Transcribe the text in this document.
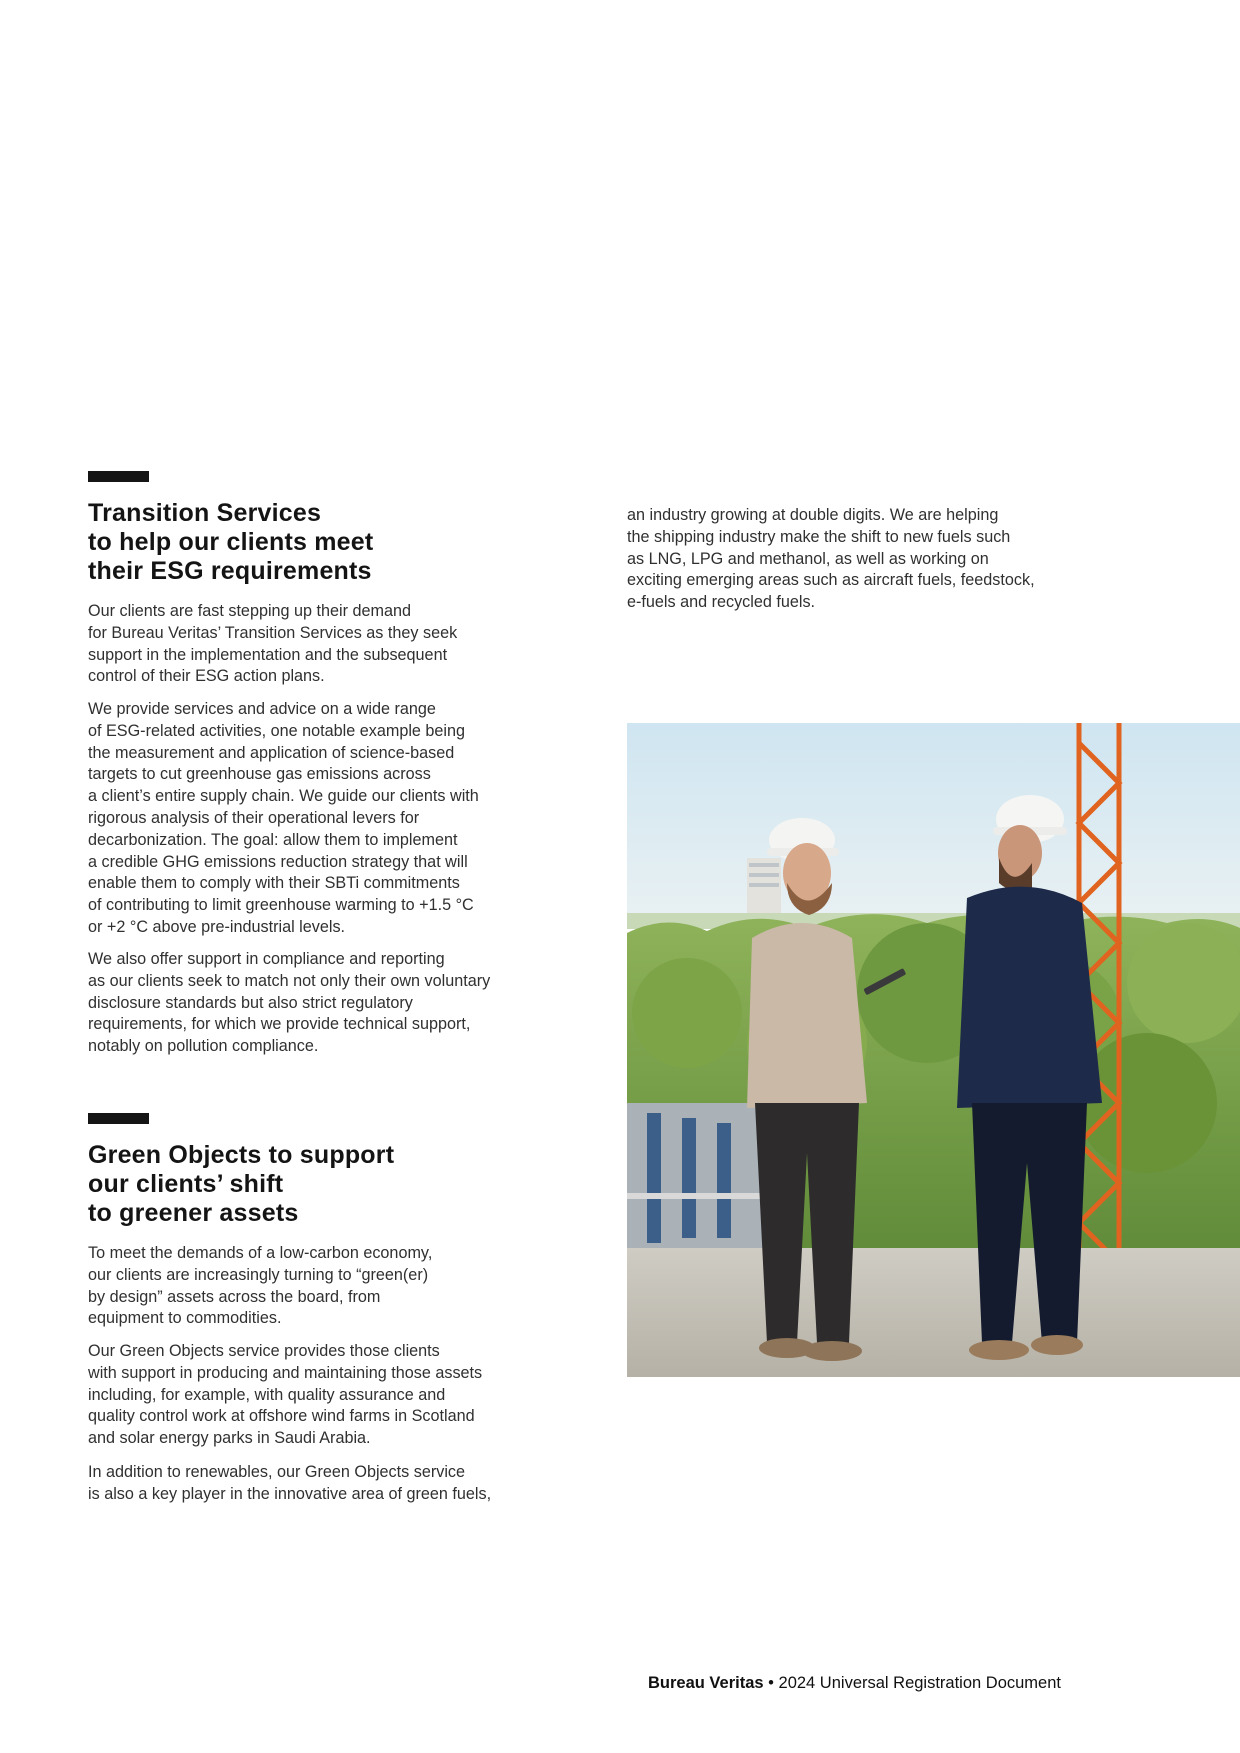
Transition Services
to help our clients meet
their ESG requirements

Our clients are fast stepping up their demand
for Bureau Veritas’ Transition Services as they seek
support in the implementation and the subsequent
control of their ESG action plans.

We provide services and advice on a wide range
of ESG-related activities, one notable example being
the measurement and application of science-based
targets to cut greenhouse gas emissions across
a client’s entire supply chain. We guide our clients with
rigorous analysis of their operational levers for
decarbonization. The goal: allow them to implement
a credible GHG emissions reduction strategy that will
enable them to comply with their SBTi commitments
of contributing to limit greenhouse warming to +1.5 °C
or +2 °C above pre-industrial levels.

We also offer support in compliance and reporting
as our clients seek to match not only their own voluntary
disclosure standards but also strict regulatory
requirements, for which we provide technical support,
notably on pollution compliance.

Green Objects to support
our clients’ shift
to greener assets

To meet the demands of a low-carbon economy,
our clients are increasingly turning to “green(er)
by design” assets across the board, from
equipment to commodities.

Our Green Objects service provides those clients
with support in producing and maintaining those assets
including, for example, with quality assurance and
quality control work at offshore wind farms in Scotland
and solar energy parks in Saudi Arabia.

In addition to renewables, our Green Objects service
is also a key player in the innovative area of green fuels,

an industry growing at double digits. We are helping
the shipping industry make the shift to new fuels such
as LNG, LPG and methanol, as well as working on
exciting emerging areas such as aircraft fuels, feedstock,
e-fuels and recycled fuels.

Bureau Veritas • 2024 Universal Registration Document
